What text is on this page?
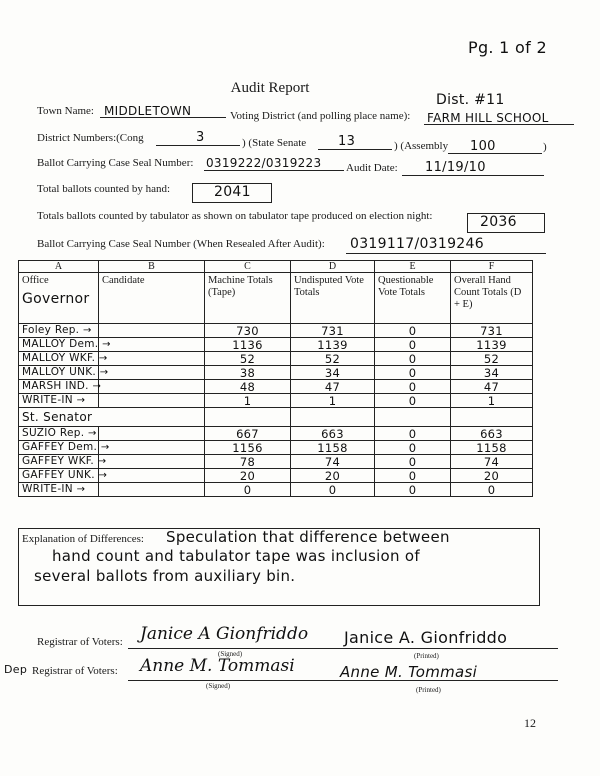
Pg. 1 of 2
Audit Report
Town Name: MIDDLETOWN	Voting District (and polling place name):
Dist. #11
FARM HILL SCHOOL
District Numbers:(Cong	3	) (State Senate 13	) (Assembly 100	)
Ballot Carrying Case Seal Number: 0319222/0319223 Audit Date: 11/19/10
Total ballots counted by hand:	2041
Totals ballots counted by tabulator as shown on tabulator tape produced on election night:	2036
Ballot Carrying Case Seal Number (When Resealed After Audit): 0319117/0319246
A	B	C	D	E	F

Office
Governor	Candidate	Machine Totals (Tape)	Undisputed Vote Totals	Questionable Vote Totals	Overall Hand Count Totals (D + E)
Foley Rep. →		730	731	0	731
MALLOY Dem. →		1136	1139	0	1139
MALLOY WKF. →		52	52	0	52
MALLOY UNK. →		38	34	0	34
MARSH IND. →		48	47	0	47
WRITE-IN →		1	1	0	1
St. Senator					
SUZIO Rep. →		667	663	0	663
GAFFEY Dem. →		1156	1158	0	1158
GAFFEY WKF. →		78	74	0	74
GAFFEY UNK. →		20	20	0	20
WRITE-IN →		0	0	0	0
Explanation of Differences: Speculation that difference between
hand count and tabulator tape was inclusion of
several ballots from auxiliary bin.
Registrar of Voters: Janice A Gionfriddo
(Signed)
Janice A. Gionfriddo
(Printed)
Dep Registrar of Voters: Anne M. Tommasi
(Signed)
Anne M. Tommasi
(Printed)
12
